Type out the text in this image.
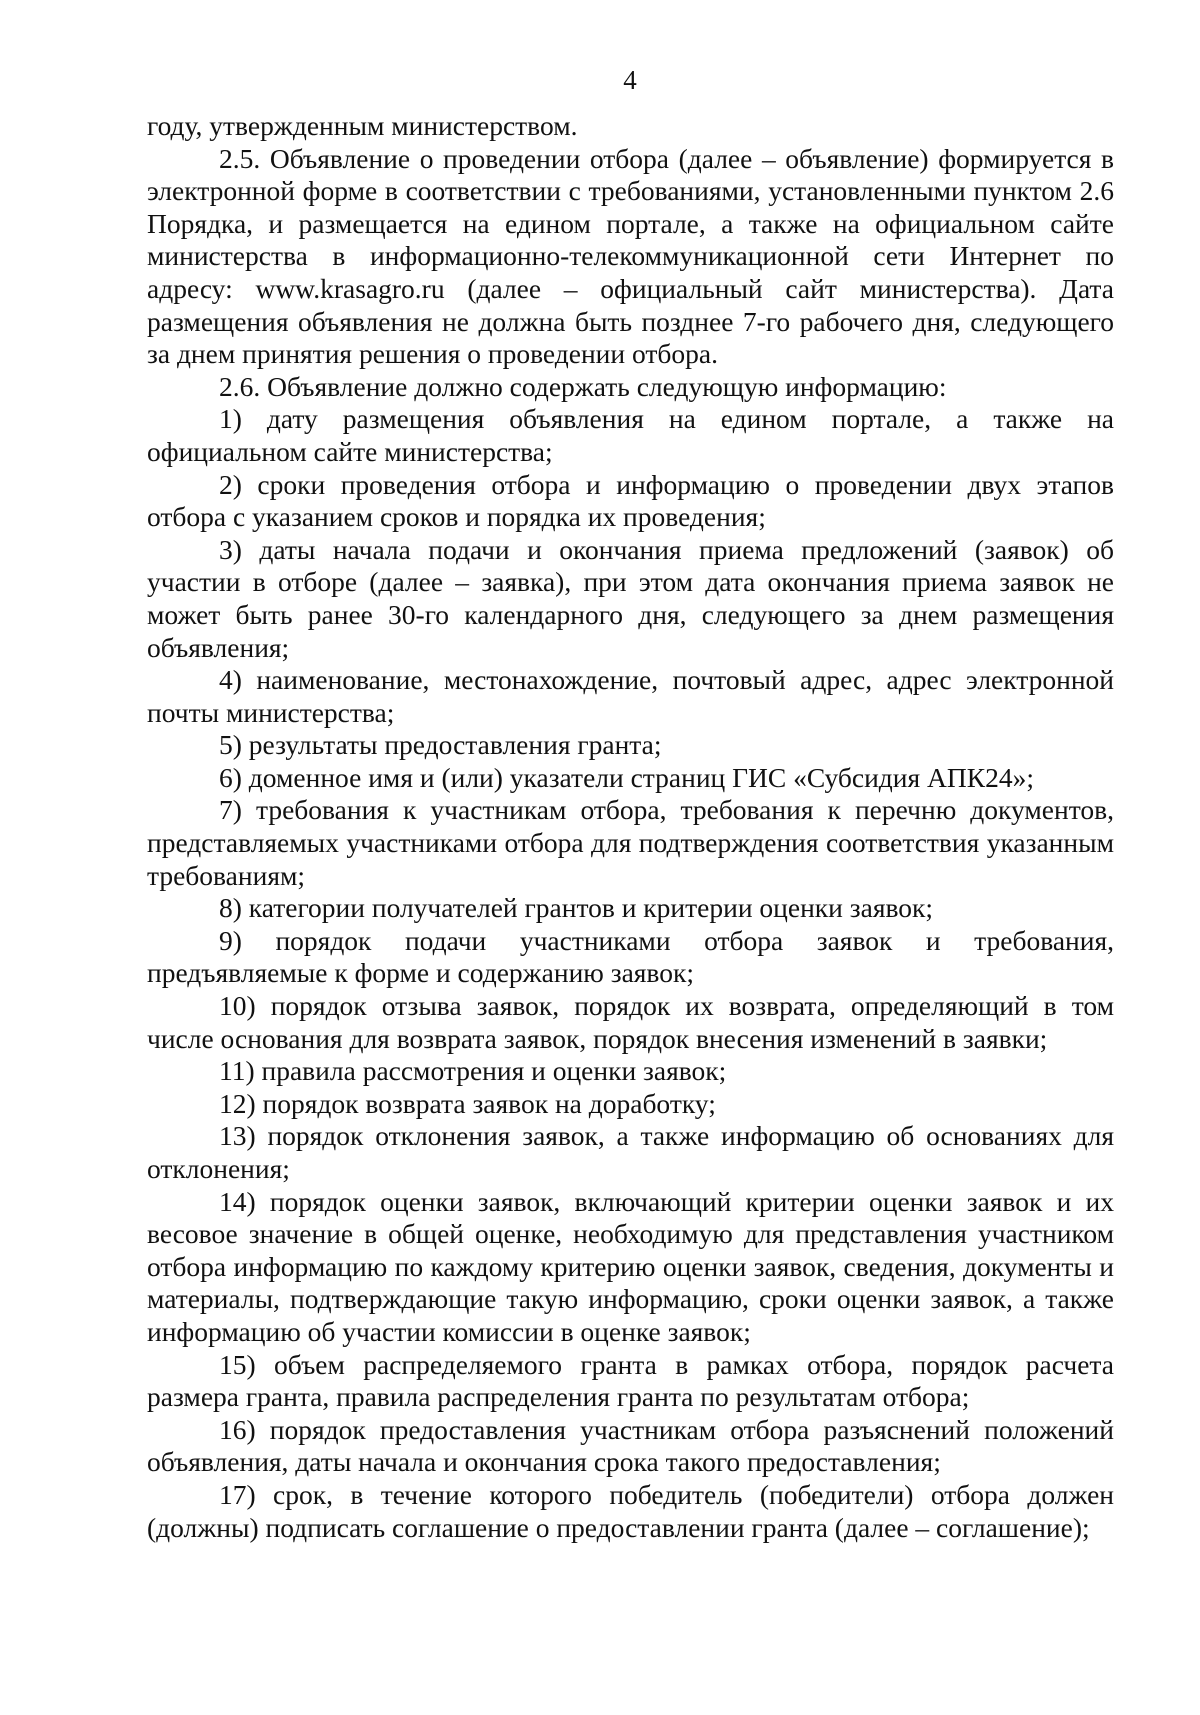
4

году, утвержденным министерством.

2.5. Объявление о проведении отбора (далее – объявление) формируется в электронной форме в соответствии с требованиями, установленными пунктом 2.6 Порядка, и размещается на едином портале, а также на официальном сайте министерства в информационно-телекоммуникационной сети Интернет по адресу: www.krasagro.ru (далее – официальный сайт министерства). Дата размещения объявления не должна быть позднее 7-го рабочего дня, следующего за днем принятия решения о проведении отбора.

2.6. Объявление должно содержать следующую информацию:

1) дату размещения объявления на едином портале, а также на официальном сайте министерства;

2) сроки проведения отбора и информацию о проведении двух этапов отбора с указанием сроков и порядка их проведения;

3) даты начала подачи и окончания приема предложений (заявок) об участии в отборе (далее – заявка), при этом дата окончания приема заявок не может быть ранее 30-го календарного дня, следующего за днем размещения объявления;

4) наименование, местонахождение, почтовый адрес, адрес электронной почты министерства;

5) результаты предоставления гранта;

6) доменное имя и (или) указатели страниц ГИС «Субсидия АПК24»;

7) требования к участникам отбора, требования к перечню документов, представляемых участниками отбора для подтверждения соответствия указанным требованиям;

8) категории получателей грантов и критерии оценки заявок;

9) порядок подачи участниками отбора заявок и требования, предъявляемые к форме и содержанию заявок;

10) порядок отзыва заявок, порядок их возврата, определяющий в том числе основания для возврата заявок, порядок внесения изменений в заявки;

11) правила рассмотрения и оценки заявок;

12) порядок возврата заявок на доработку;

13) порядок отклонения заявок, а также информацию об основаниях для отклонения;

14) порядок оценки заявок, включающий критерии оценки заявок и их весовое значение в общей оценке, необходимую для представления участником отбора информацию по каждому критерию оценки заявок, сведения, документы и материалы, подтверждающие такую информацию, сроки оценки заявок, а также информацию об участии комиссии в оценке заявок;

15) объем распределяемого гранта в рамках отбора, порядок расчета размера гранта, правила распределения гранта по результатам отбора;

16) порядок предоставления участникам отбора разъяснений положений объявления, даты начала и окончания срока такого предоставления;

17) срок, в течение которого победитель (победители) отбора должен (должны) подписать соглашение о предоставлении гранта (далее – соглашение);
